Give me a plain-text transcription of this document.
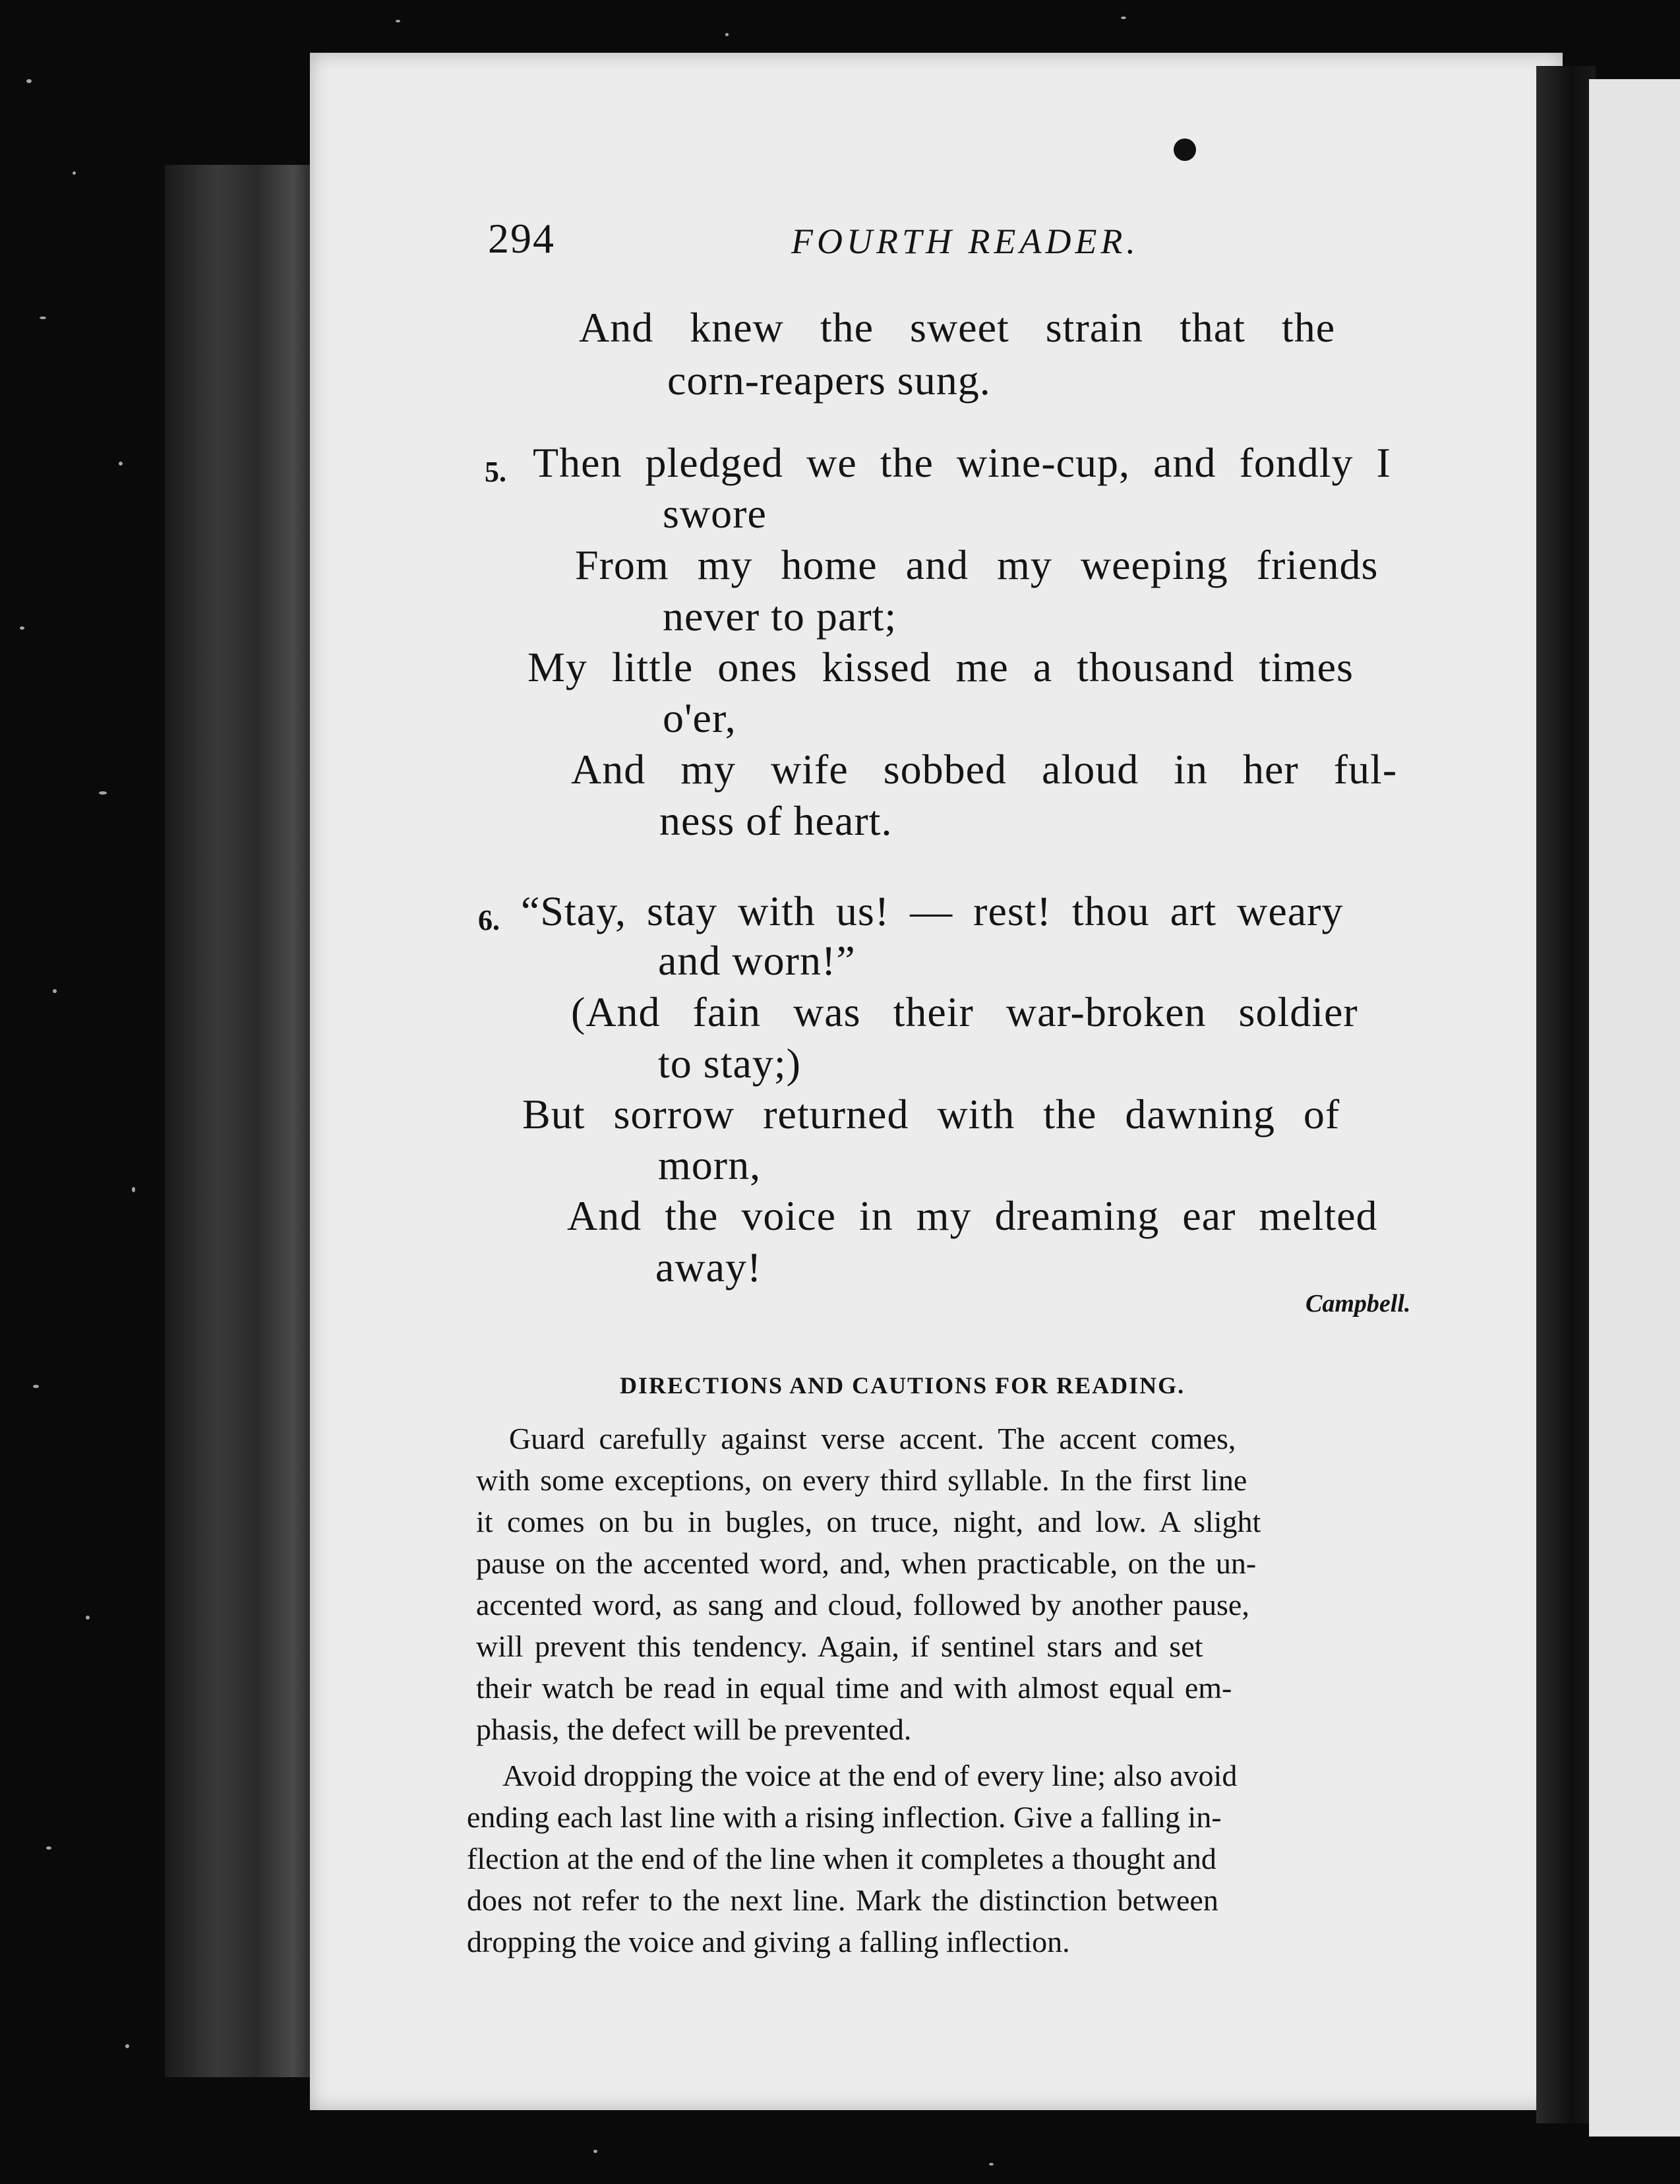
294	FOURTH READER.
And knew the sweet strain that the
corn-reapers sung.
5. Then pledged we the wine-cup, and fondly I
swore
From my home and my weeping friends
never to part;
My little ones kissed me a thousand times
o'er,
And my wife sobbed aloud in her ful-
ness of heart.
6. “Stay, stay with us! — rest! thou art weary
and worn!”
(And fain was their war-broken soldier
to stay;)
But sorrow returned with the dawning of
morn,
And the voice in my dreaming ear melted
away!
Campbell.
DIRECTIONS AND CAUTIONS FOR READING.
Guard carefully against verse accent. The accent comes,
with some exceptions, on every third syllable. In the first line
it comes on bu in bugles, on truce, night, and low. A slight
pause on the accented word, and, when practicable, on the un-
accented word, as sang and cloud, followed by another pause,
will prevent this tendency. Again, if sentinel stars and set
their watch be read in equal time and with almost equal em-
phasis, the defect will be prevented.
Avoid dropping the voice at the end of every line; also avoid
ending each last line with a rising inflection. Give a falling in-
flection at the end of the line when it completes a thought and
does not refer to the next line. Mark the distinction between
dropping the voice and giving a falling inflection.
